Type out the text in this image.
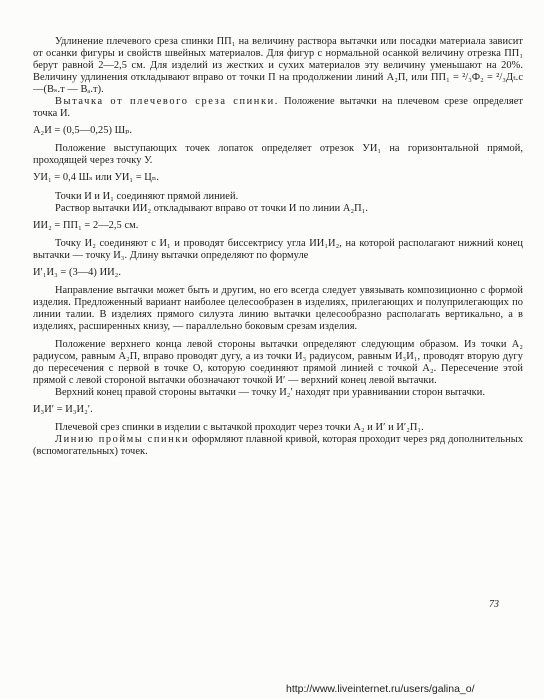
Удлинение плечевого среза спинки ПП₁ на величину раствора вытачки или посадки материала зависит от осанки фигуры и свойств швейных материалов. Для фигур с нормальной осанкой величину отрезка ПП₁ берут равной 2—2,5 см. Для изделий из жестких и сухих материалов эту величину уменьшают на 20%. Величину удлинения откладывают вправо от точки П на продолжении линий А₂П, или ПП₁ = ²/₃Ф₂ = ²/₃Дₜ.c —(Вₛ.т — Вₐ.т).

Вытачка от плечевого среза спинки. Положение вытачки на плечевом срезе определяет точка И.

А₂И = (0,5—0,25) Шₚ.

Положение выступающих точек лопаток определяет отрезок УИ₁ на горизонтальной прямой, проходящей через точку У.

УИ₁ = 0,4 Шₛ или УИ₁ = Цₙ.

Точки И и И₁ соединяют прямой линией.

Раствор вытачки ИИ₂ откладывают вправо от точки И по линии А₂П₁.

ИИ₂ = ПП₁ = 2—2,5 см.

Точку И₂ соединяют с И₁ и проводят биссектрису угла ИИ₁И₂, на которой располагают нижний конец вытачки — точку И₃. Длину вытачки определяют по формуле

И′₁И₃ = (3—4) ИИ₂.

Направление вытачки может быть и другим, но его всегда следует увязывать композиционно с формой изделия. Предложенный вариант наиболее целесообразен в изделиях, прилегающих и полуприлегающих по линии талии. В изделиях прямого силуэта линию вытачки целесообразно располагать вертикально, а в изделиях, расширенных книзу, — параллельно боковым срезам изделия.

Положение верхнего конца левой стороны вытачки определяют следующим образом. Из точки А₂ радиусом, равным А₂П, вправо проводят дугу, а из точки И₃ радиусом, равным И₃И₁, проводят вторую дугу до пересечения с первой в точке О, которую соединяют прямой линией с точкой А₂. Пересечение этой прямой с левой стороной вытачки обозначают точкой И′ — верхний конец левой вытачки.

Верхний конец правой стороны вытачки — точку И₂′ находят при уравнивании сторон вытачки.

И₃И′ = И₃И₂′.

Плечевой срез спинки в изделии с вытачкой проходит через точки А₂ и И′ и И′₂П₁.

Линию проймы спинки оформляют плавной кривой, которая проходит через ряд дополнительных (вспомогательных) точек.

73
http://www.liveinternet.ru/users/galina_o/
